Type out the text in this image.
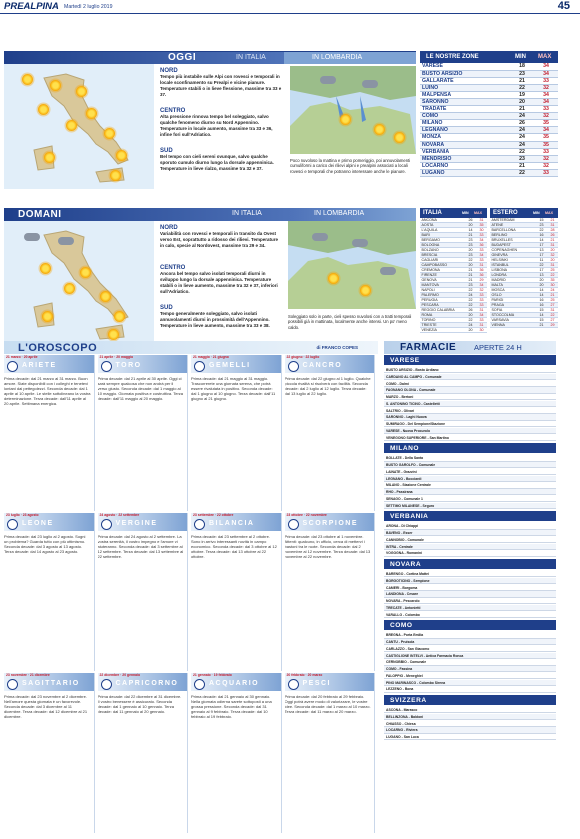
PREALPINA Martedì 2 luglio 2019	45
OGGI	IN ITALIA	IN LOMBARDIA
NORD
Tempo più instabile sulle Alpi con rovesci e temporali in locale sconfinamento su Prealpi e vicine pianure. Temperature stabili o in lieve flessione, massime tra 33 e 37.
CENTRO
Alta pressione rinnova tempo bel soleggiato, salvo qualche fenomeno diurno su Nord Appennino. Temperature in locale aumento, massime tra 33 e 36, infine fori sull'Adriatico.
SUD
Bel tempo con cieli sereni ovunque, salvo qualche sporuto cumulo diurno lungo la dorsale appenninica. Temperature in lieve rialzo, massime tra 32 e 37.
Poco nuvoloso la mattina e primo pomeriggio, poi annuvolamenti cumuliformi a carico dei rilievi alpini e prealpini associati a locali rovesci e temporali che potranno interessare anche le pianure.
LE NOSTRE ZONE	MIN MAX
VARESE	18	34
BUSTO ARSIZIO	23	34
GALLARATE	21	33
LUINO	22	32
MALPENSA	19	34
SARONNO	20	34
TRADATE	21	33
COMO	24	32
MILANO	26	35
LEGNANO	24	34
MONZA	24	35
NOVARA	24	35
VERBANIA	22	33
MENDRISIO	23	32
LOCARNO	21	32
LUGANO	22	33
DOMANI	IN ITALIA	IN LOMBARDIA
NORD
Variabilità con rovesci e temporali in transito da Ovest verso Est, soprattutto a ridosso dei rilievi. Temperature in calo, specie al Nordovest, massime tra 29 e 34.
CENTRO
Ancora bel tempo salvo isolati temporali diurni in sviluppo lungo la dorsale appenninica. Temperature stabili o in lieve aumento, massime tra 32 e 37, inferiori sull'Adriatico.
SUD
Tempo generalmente soleggiato, salvo isolati annuvolamenti diurni in prossimità dell'Appennino. Temperature in lieve aumento, massime tra 33 e 38.
Soleggiato solo in parte, cieli spesso nuvolosi con a tratti temporali possibili già in mattinata, localmente anche intensi. Un po' meno caldo.
ITALIA	MIN MAX
ANCONA	26	31
AOSTA	20	35
L'AQUILA	14	30
BARI	21	33
BERGAMO	23	34
BOLOGNA	23	36
BOLZANO	20	33
BRESCIA	23	34
CAGLIARI	22	33
CAMPOBASSO	20	31
CREMONA	21	36
FIRENZE	21	36
GENOVA	21	29
MANTOVA	23	34
NAPOLI	22	32
PALERMO	24	33
PERUGIA	22	33
PESCARA	22	33
REGGIO CALABRIA	26	31
ROMA	20	34
TORINO	22	33
TRIESTE	24	31
VENEZIA	20	30
ESTERO	MIN MAX
AMSTERDAM	15	21
ATENE	23	31
BARCELLONA	22	28
BERLINO	16	26
BRUXELLES	14	21
BUDAPEST	17	31
COPENAGHEN	13	20
GINEVRA	17	32
HELSINKI	11	20
ISTANBUL	22	31
LISBONA	17	25
LONDRA	13	22
MADRID	20	35
MALTA	20	30
MOSCA	14	24
OSLO	14	21
PARIGI	16	25
PRAGA	16	27
SOFIA	15	31
STOCCOLMA	14	22
VARSAVIA	15	27
VIENNA	21	29
L'OROSCOPO	di FRANCO COPES
21 marzo · 20 aprile
ARIETE
Prima decade: dal 21 marzo al 31 marzo. Buon amore. Siate disponibili con i colleghi e tenetevi lontani dai pettegolezzi. Seconda decade: dal 1 aprile al 10 aprile. Le stelle sottolineano la vostra determinazione. Terza decade: dall'11 aprile al 20 aprile. Settimana energica.
21 aprile · 20 maggio
TORO
Prima decade: dal 21 aprile al 30 aprile. Oggi ci sarà sempre qualcosa che non andrà per il verso giusto. Seconda decade: dal 1 maggio al 10 maggio. Giornata positiva e costruttiva. Terza decade: dall'11 maggio al 20 maggio.
21 maggio · 21 giugno
GEMELLI
Prima decade: dal 21 maggio al 31 maggio. Trascorrerete una giornata serena, che potrà essere rivalutata in positivo. Seconda decade: dal 1 giugno al 10 giugno. Terza decade: dall'11 giugno al 21 giugno.
22 giugno · 22 luglio
CANCRO
Prima decade: dal 22 giugno al 1 luglio. Qualche piccola rivalità si risolverà con facilità. Seconda decade: dal 2 luglio al 12 luglio. Terza decade: dal 13 luglio al 22 luglio.
23 luglio · 23 agosto
LEONE
Prima decade: dal 23 luglio al 2 agosto. Sogni un problema? Guarda tutto con più ottimismo. Seconda decade: dal 3 agosto al 13 agosto. Terza decade: dal 14 agosto al 23 agosto.
24 agosto · 22 settembre
VERGINE
Prima decade: dal 24 agosto al 2 settembre. La vostra serenità, il vostro impegno e l'amore vi aiuteranno. Seconda decade: dal 3 settembre al 12 settembre. Terza decade: dal 13 settembre al 22 settembre.
23 settembre · 22 ottobre
BILANCIA
Prima decade: dal 23 settembre al 2 ottobre. Sono in arrivo interessanti novità in campo economico. Seconda decade: dal 3 ottobre al 12 ottobre. Terza decade: dal 13 ottobre al 22 ottobre.
23 ottobre · 22 novembre
SCORPIONE
Prima decade: dal 23 ottobre al 1 novembre. Attenti: qualcuno, in ufficio, cerca di mettervi i bastoni tra le ruote. Seconda decade: dal 2 novembre al 12 novembre. Terza decade: dal 13 novembre al 22 novembre.
23 novembre · 21 dicembre
SAGITTARIO
Prima decade: dal 23 novembre al 2 dicembre. Nell'amore questa giornata è un favorevole. Seconda decade: dal 3 dicembre al 11 dicembre. Terza decade: dal 12 dicembre al 21 dicembre.
22 dicembre · 20 gennaio
CAPRICORNO
Prima decade: dal 22 dicembre al 31 dicembre. Il vostro benessere è assicurato. Seconda decade: dal 1 gennaio al 10 gennaio. Terza decade: dal 11 gennaio al 20 gennaio.
21 gennaio · 19 febbraio
ACQUARIO
Prima decade: dal 21 gennaio al 30 gennaio. Nella giornata odierna sarete sottoposti a una grossa pressione. Seconda decade: dal 31 gennaio al 9 febbraio. Terza decade: dal 10 febbraio al 19 febbraio.
20 febbraio · 20 marzo
PESCI
Prima decade: dal 20 febbraio al 29 febbraio. Oggi potrà avere modo di valorizzare, le vostre idee. Seconda decade: dal 1 marzo al 10 marzo. Terza decade: dal 11 marzo al 20 marzo.
FARMACIE APERTE 24 H
VARESE
BUSTO ARSIZIO - Bosto Ardiano
CARDANO AL CAMPO - Comunale
COMO - Dalmi
FAGNANO OLONA - Comunale
MARZO - Bertoni
S. ANTONINO TICINO - Castelletti
SALTRIO - Olivari
SARONNO - Laghi Nuova
SUMIRAGO - Del Sempione/Stazione
VARESE - Nuova Procurolo
VENEGONO SUPERIORE - San Martino
MILANO
BOLLATE - Della Santa
BUSTO GAROLFO - Comunale
LAINATE - Grazzini
LEGNANO - Bocciardi
MILANO - Stazione Centrale
RHO - Passirana
SENAGO - Comunale 1
SETTIMO MILANESE - Seguro
VERBANIA
ARONA - Di Chiappi
BAVENO - Esser
CANNOBIO - Comunale
INTRA - Centrale
VOGOGNA - Romanini
NOVARA
BARENGO - Cortina Mattei
BORGOTICINO - Sempione
CAMERI - Borgoma
LANDIONA - Cesare
NOVARA - Pescarolo
TRECATE - Antonietti
VARALLO - Colombo
COMO
BREGNA - Porta Emilia
CANTU - Pruisola
CARLAZZO - San Giacomo
CASTIGLIONE INTELVI - Antica Farmacia Ronca
CERNOBBIO - Comunale
COMO - Fassina
FALOPPIO - Meneghiel
PINO MARINASCO - Colombo Sirena
LEZZENO - Bona
SVIZZERA
ASCONA - Marasco
BELLINZONA - Baldoni
CHIASSO - Chiesa
LOCARNO - Riviera
LUGANO - San Luca
